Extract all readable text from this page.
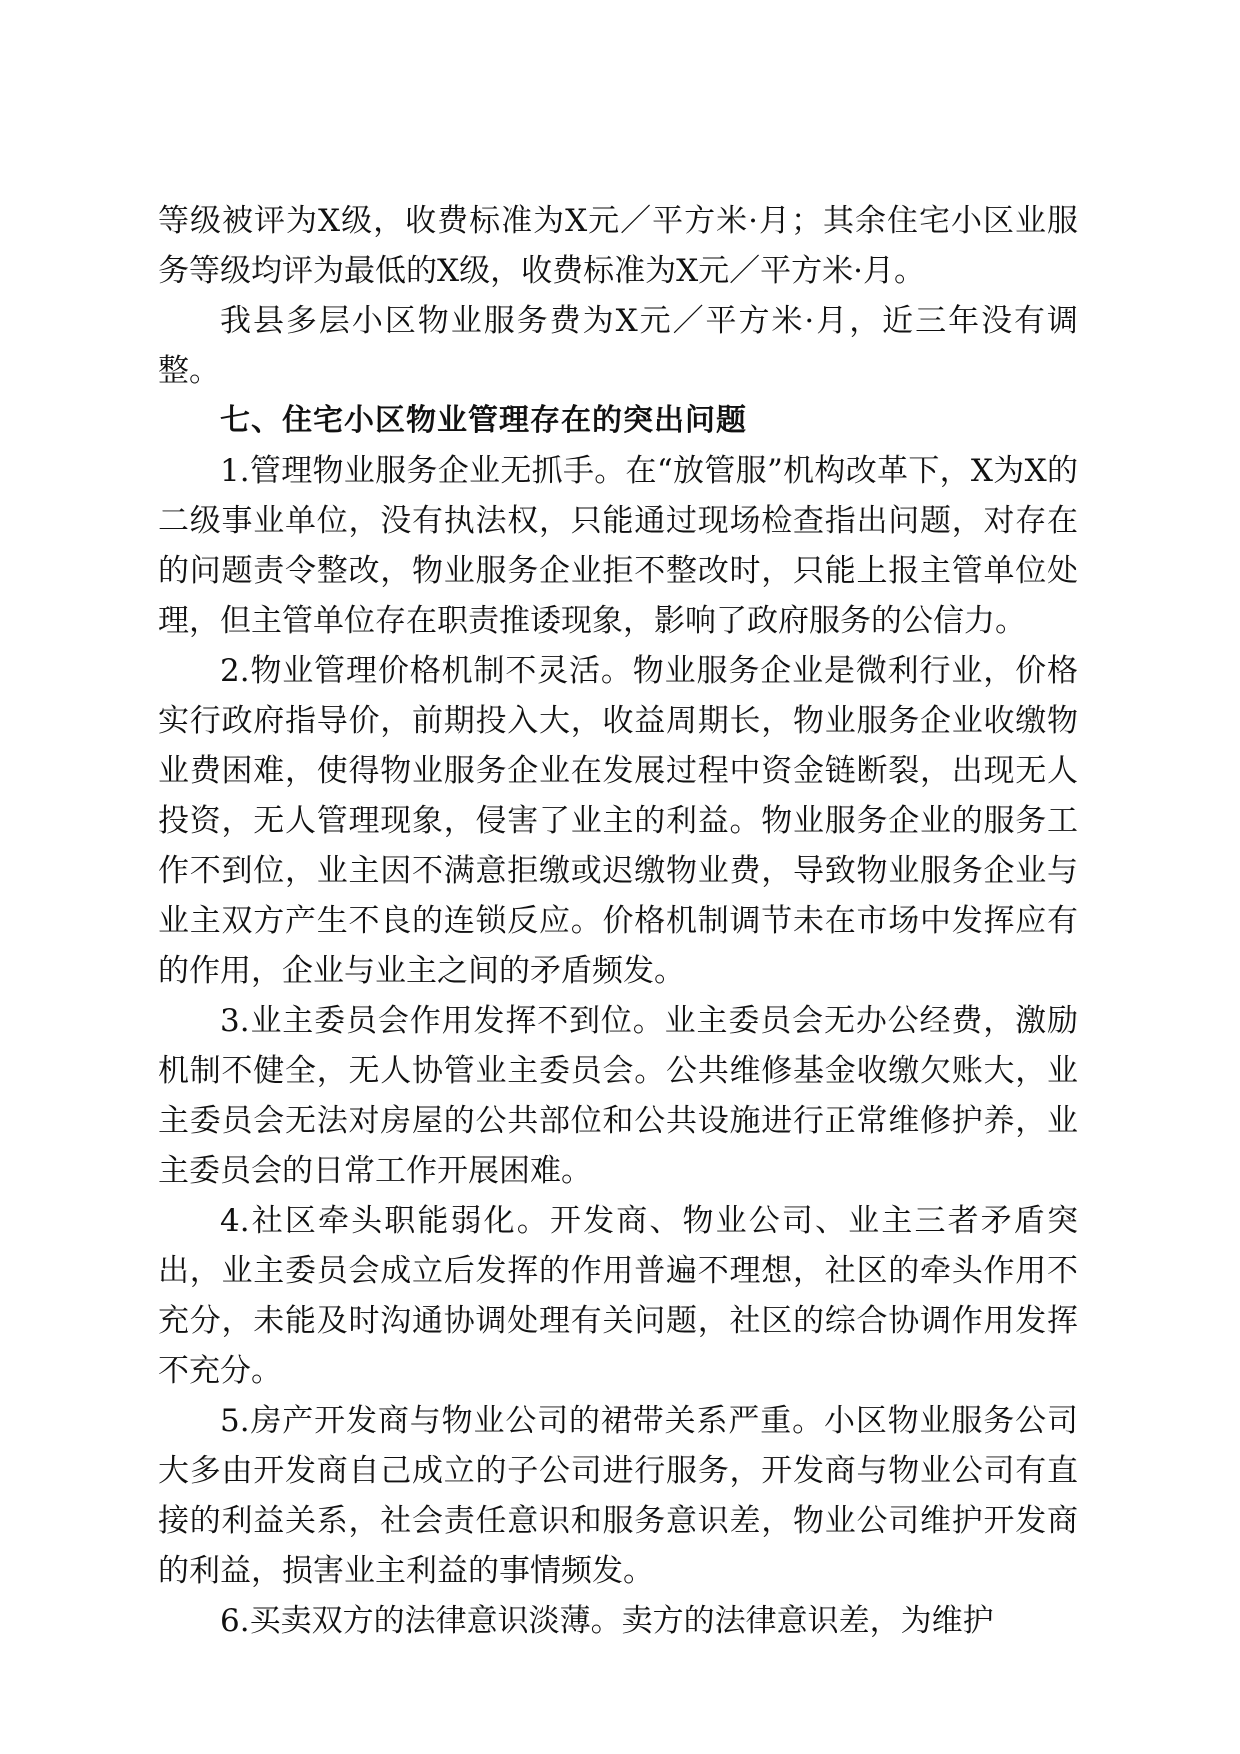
等级被评为X级，收费标准为X元／平方米·月；其余住宅小区业服务等级均评为最低的X级，收费标准为X元／平方米·月。

我县多层小区物业服务费为X元／平方米·月，近三年没有调整。

七、住宅小区物业管理存在的突出问题

1.管理物业服务企业无抓手。在“放管服”机构改革下，X为X的二级事业单位，没有执法权，只能通过现场检查指出问题，对存在的问题责令整改，物业服务企业拒不整改时，只能上报主管单位处理，但主管单位存在职责推诿现象，影响了政府服务的公信力。

2.物业管理价格机制不灵活。物业服务企业是微利行业，价格实行政府指导价，前期投入大，收益周期长，物业服务企业收缴物业费困难，使得物业服务企业在发展过程中资金链断裂，出现无人投资，无人管理现象，侵害了业主的利益。物业服务企业的服务工作不到位，业主因不满意拒缴或迟缴物业费，导致物业服务企业与业主双方产生不良的连锁反应。价格机制调节未在市场中发挥应有的作用，企业与业主之间的矛盾频发。

3.业主委员会作用发挥不到位。业主委员会无办公经费，激励机制不健全，无人协管业主委员会。公共维修基金收缴欠账大，业主委员会无法对房屋的公共部位和公共设施进行正常维修护养，业主委员会的日常工作开展困难。

4.社区牵头职能弱化。开发商、物业公司、业主三者矛盾突出，业主委员会成立后发挥的作用普遍不理想，社区的牵头作用不充分，未能及时沟通协调处理有关问题，社区的综合协调作用发挥不充分。

5.房产开发商与物业公司的裙带关系严重。小区物业服务公司大多由开发商自己成立的子公司进行服务，开发商与物业公司有直接的利益关系，社会责任意识和服务意识差，物业公司维护开发商的利益，损害业主利益的事情频发。

6.买卖双方的法律意识淡薄。卖方的法律意识差，为维护
